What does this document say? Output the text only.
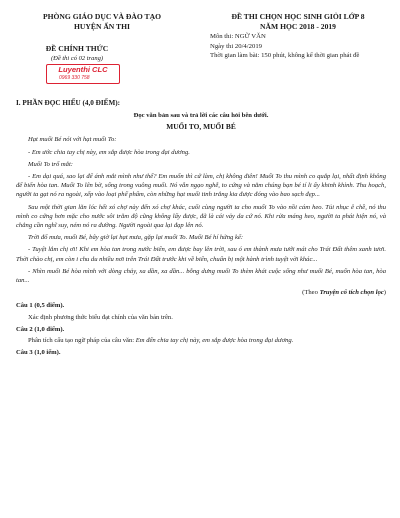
PHÒNG GIÁO DỤC VÀ ĐÀO TẠO
HUYỆN ẤN THI
ĐỀ THI CHỌN HỌC SINH GIỎI LỚP 8
NĂM HỌC 2018 - 2019
Môn thi: NGỮ VĂN
Ngày thi 20/4/2019
Thời gian làm bài: 150 phút, không kể thời gian phát đề
ĐỀ CHÍNH THỨC
(Đề thi có 02 trang)
Luyenthi CLC
0969 330 758
I. PHẦN ĐỌC HIỂU (4,0 ĐIỂM):
Đọc văn bản sau và trả lời các câu hỏi bên dưới.
MUỐI TO, MUỐI BÉ

Hạt muối Bé nói với hạt muối To:

- Em ước chia tay chị này, em sắp được hòa trong đại dương.

Muối To trố mắt:

- Em dại quá, sao lại để ánh mắt mình như thế? Em muốn thì cứ làm, chị không điên! Muối To thu mình co quắp lại, nhất định không để biển hòa tan. Muối To lên bờ, sống trong vuông muối. Nó vẫn ngạo nghễ, to cứng và nằm chúng bạn bé tí li ấy khinh khỉnh. Thu hoạch, người ta gạt nó ra ngoài, xếp vào loại phế phẩm, còn những hạt muối tinh trắng kia được đóng vào bao sạch đẹp...

Sau một thời gian lăn lóc hết xó chợ này đến xó chợ khác, cuối cùng người ta cho muối To vào nồi cám heo. Tủi nhục ê chề, nó thu mình co cứng hơn mặc cho nước sôi trăm độ cũng không lấy được, đã là cái vảy da cứ nó. Khi rửa máng heo, người ta phát hiện nó, và chẳng cần nghĩ suy, ném nó ra đường. Người ngoài qua lại đạp lên nó.

Trời đổ mưa, muối Bé, bây giờ lại hạt mưa, gặp lại muối To. Muối Bé hí hửng kể:

- Tuyệt lắm chị ơi! Khi em hòa tan trong nước biển, em được bay lên trời, sau ó em thành mưa tưới mát cho Trái Đất thêm xanh tươi. Thời chào chị, em còn i chu du nhiều nơi trên Trái Đất trước khi về biển, chuẩn bị một hành trình tuyệt vời khác...

- Nhìn muối Bé hòa mình với dòng chảy, xa dần, xa dần... bỗng dưng muối To thèm khát cuộc sống như muối Bé, muốn hòa tan, hòa tan...

(Theo Truyện cổ tích chọn lọc)
Câu 1 (0,5 điểm).

Xác định phương thức biểu đạt chính của văn bản trên.

Câu 2 (1,0 điểm).

Phân tích cấu tạo ngữ pháp của câu văn: Em đến chia tay chị này, em sắp được hòa trong đại dương.

Câu 3 (1,0 iểm).
